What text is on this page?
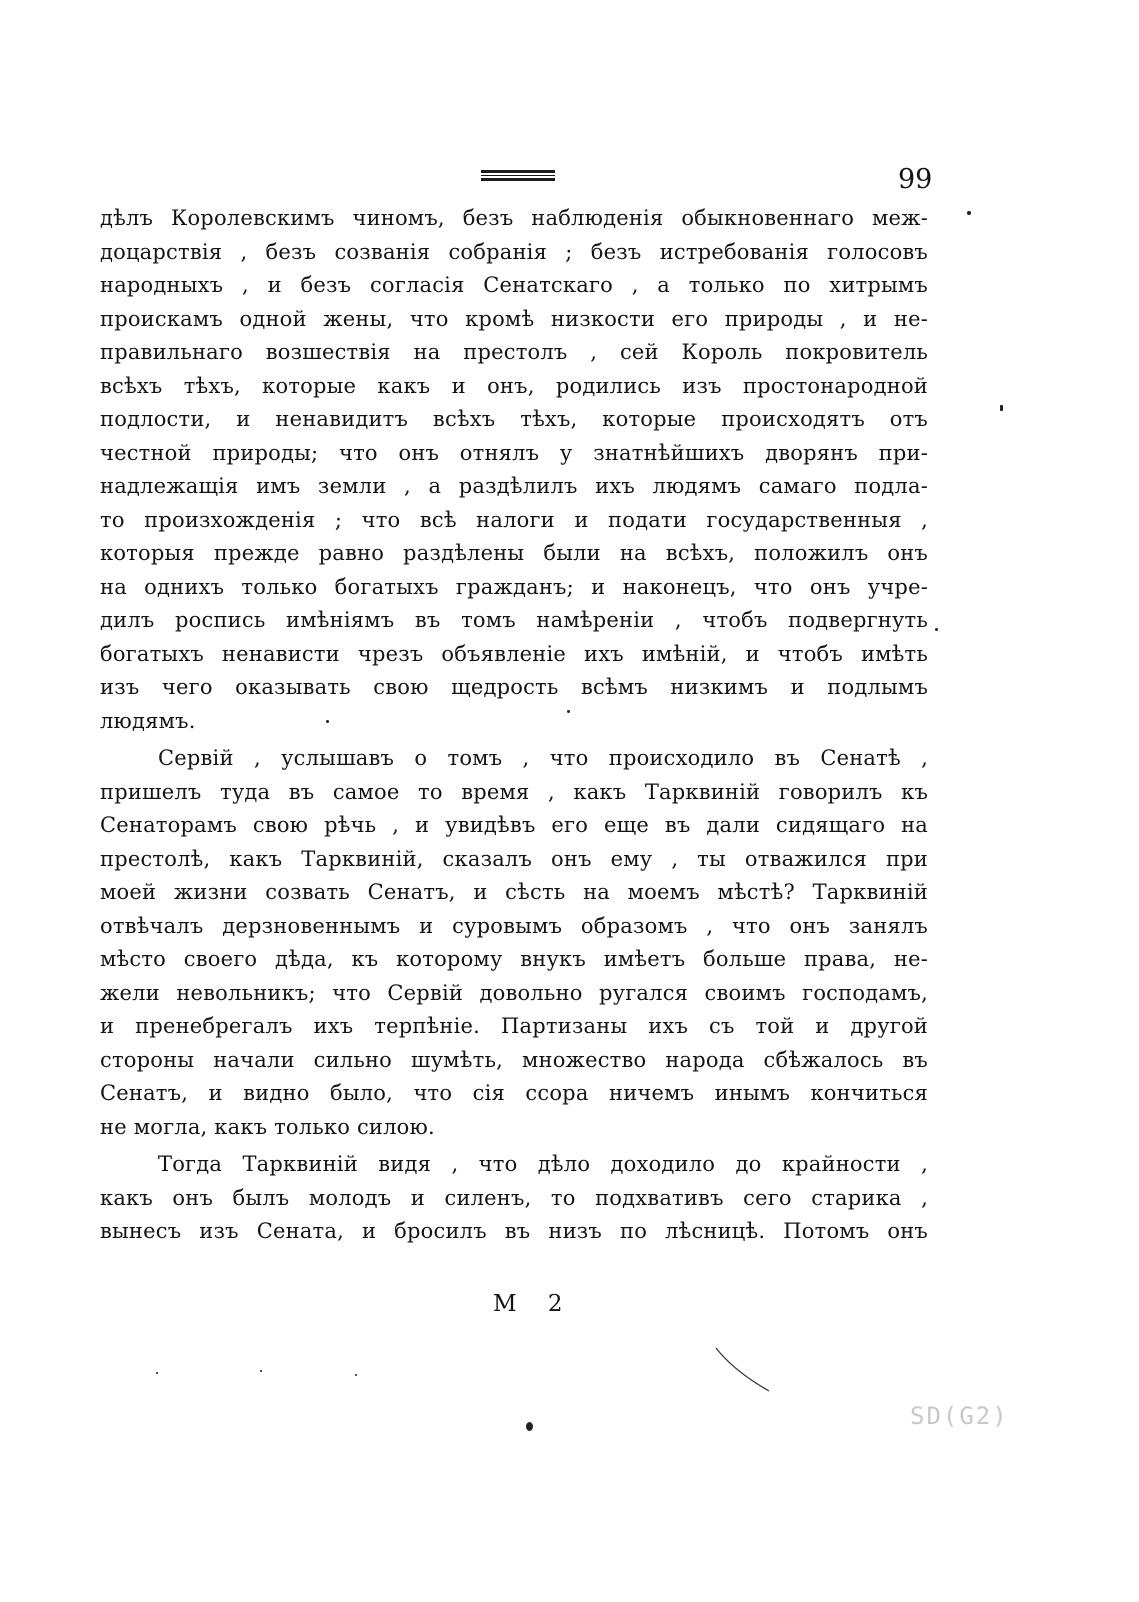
99
дѣлъ Королевскимъ чиномъ, безъ наблюденія обыкновеннаго меж-
доцарствія , безъ созванія собранія ; безъ истребованія голосовъ
народныхъ , и безъ согласія Сенатскаго , а только по хитрымъ
проискамъ одной жены, что кромѣ низкости его природы , и не-
правильнаго возшествія на престолъ , сей Король покровитель
всѣхъ тѣхъ, которые какъ и онъ, родились изъ простонародной
подлости, и ненавидитъ всѣхъ тѣхъ, которые происходятъ отъ
честной природы; что онъ отнялъ у знатнѣйшихъ дворянъ при-
надлежащія имъ земли , а раздѣлилъ ихъ людямъ самаго подла-
то произхожденія ; что всѣ налоги и подати государственныя ,
которыя прежде равно раздѣлены были на всѣхъ, положилъ онъ
на однихъ только богатыхъ гражданъ; и наконецъ, что онъ учре-
дилъ роспись имѣніямъ въ томъ намѣреніи , чтобъ подвергнуть
богатыхъ ненависти чрезъ объявленіе ихъ имѣній, и чтобъ имѣть
изъ чего оказывать свою щедрость всѣмъ низкимъ и подлымъ
людямъ.
Сервій , услышавъ о томъ , что происходило въ Сенатѣ ,
пришелъ туда въ самое то время , какъ Тарквиній говорилъ къ
Сенаторамъ свою рѣчь , и увидѣвъ его еще въ дали сидящаго на
престолѣ, какъ Тарквиній, сказалъ онъ ему , ты отважился при
моей жизни созвать Сенатъ, и сѣсть на моемъ мѣстѣ? Тарквиній
отвѣчалъ дерзновеннымъ и суровымъ образомъ , что онъ занялъ
мѣсто своего дѣда, къ которому внукъ имѣетъ больше права, не-
жели невольникъ; что Сервій довольно ругался своимъ господамъ,
и пренебрегалъ ихъ терпѣніе. Партизаны ихъ съ той и другой
стороны начали сильно шумѣть, множество народа сбѣжалось въ
Сенатъ, и видно было, что сія ссора ничемъ инымъ кончиться
не могла, какъ только силою.
Тогда Тарквиній видя , что дѣло доходило до крайности ,
какъ онъ былъ молодъ и силенъ, то подхвативъ сего старика ,
вынесъ изъ Сената, и бросилъ въ низъ по лѣсницѣ. Потомъ онъ
M 2
SD(G2)
